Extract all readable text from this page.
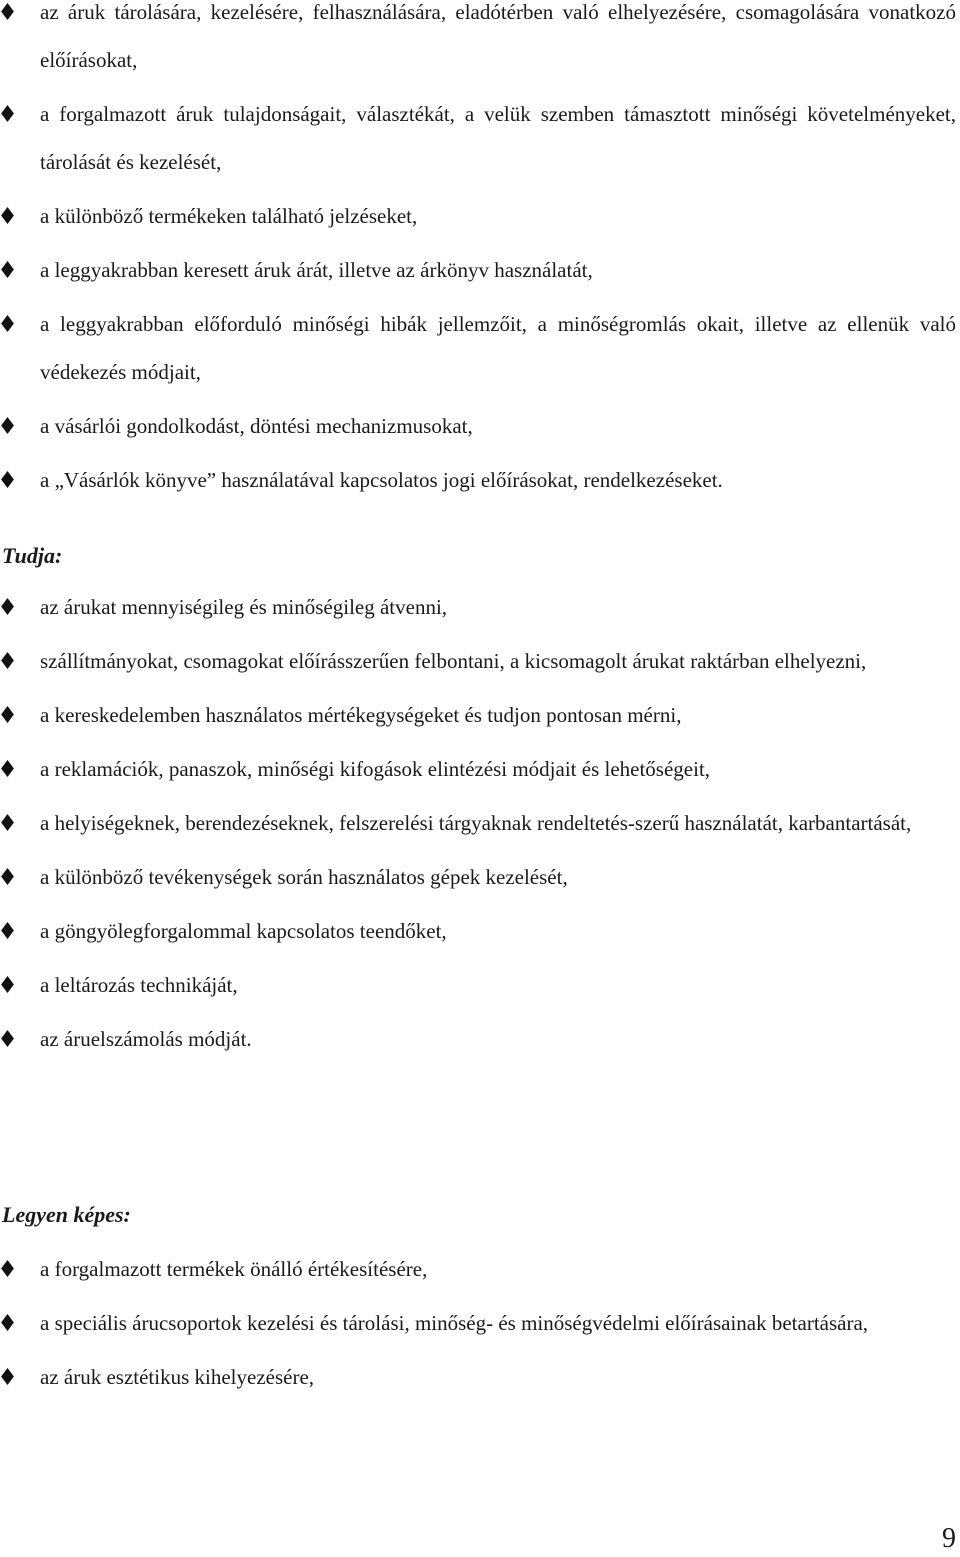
az áruk tárolására, kezelésére, felhasználására, eladótérben való elhelyezésére, csomagolására vonatkozó előírásokat,
a forgalmazott áruk tulajdonságait, választékát, a velük szemben támasztott minőségi követelményeket, tárolását és kezelését,
a különböző termékeken található jelzéseket,
a leggyakrabban keresett áruk árát, illetve az árkönyv használatát,
a leggyakrabban előforduló minőségi hibák jellemzőit, a minőségromlás okait, illetve az ellenük való védekezés módjait,
a vásárlói gondolkodást, döntési mechanizmusokat,
a „Vásárlók könyve” használatával kapcsolatos jogi előírásokat, rendelkezéseket.
Tudja:
az árukat mennyiségileg és minőségileg átvenni,
szállítmányokat, csomagokat előírásszerűen felbontani, a kicsomagolt árukat raktárban elhelyezni,
a kereskedelemben használatos mértékegységeket és tudjon pontosan mérni,
a reklamációk, panaszok, minőségi kifogások elintézési módjait és lehetőségeit,
a helyiségeknek, berendezéseknek, felszerelési tárgyaknak rendeltetés-szerű használatát, karbantartását,
a különböző tevékenységek során használatos gépek kezelését,
a göngyölegforgalommal kapcsolatos teendőket,
a leltározás technikáját,
az áruelszámolás módját.
Legyen képes:
a forgalmazott termékek önálló értékesítésére,
a speciális árucsoportok kezelési és tárolási, minőség- és minőségvédelmi előírásainak betartására,
az áruk esztétikus kihelyezésére,
9
